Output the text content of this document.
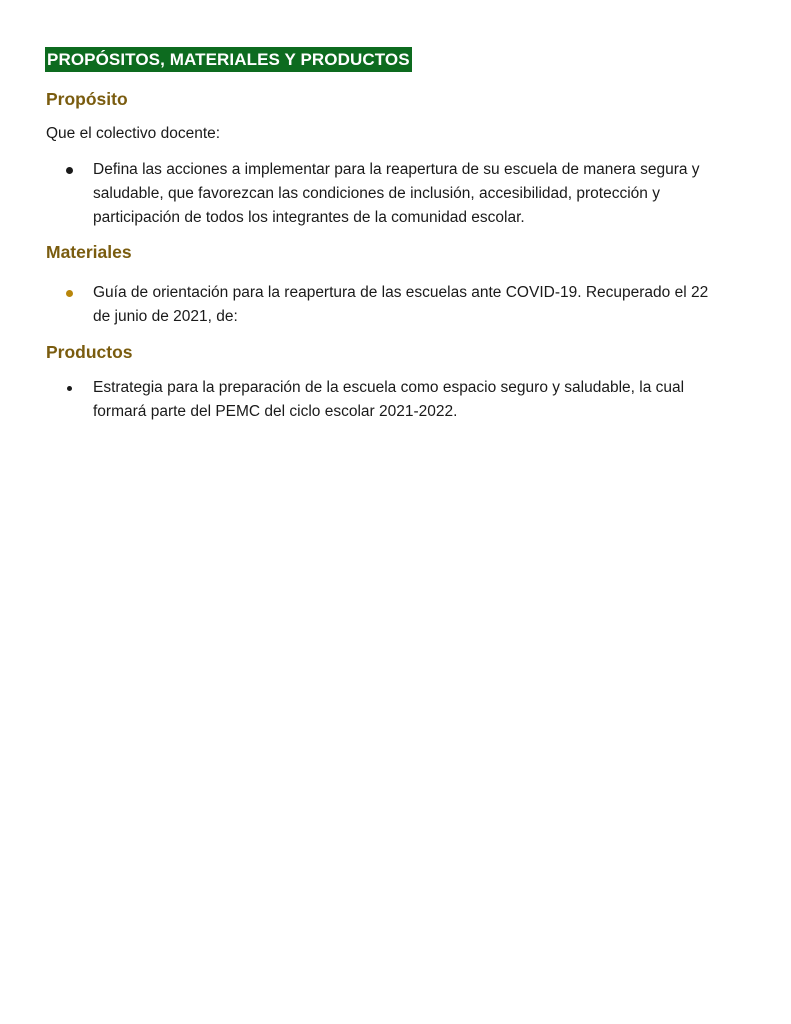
PROPÓSITOS, MATERIALES Y PRODUCTOS
Propósito
Que el colectivo docente:
Defina las acciones a implementar para la reapertura de su escuela de manera segura y
saludable, que favorezcan las condiciones de inclusión, accesibilidad, protección y
participación de todos los integrantes de la comunidad escolar.
Materiales
Guía de orientación para la reapertura de las escuelas ante COVID-19. Recuperado el 22
de junio de 2021, de:
Productos
Estrategia para la preparación de la escuela como espacio seguro y saludable, la cual
formará parte del PEMC del ciclo escolar 2021-2022.
